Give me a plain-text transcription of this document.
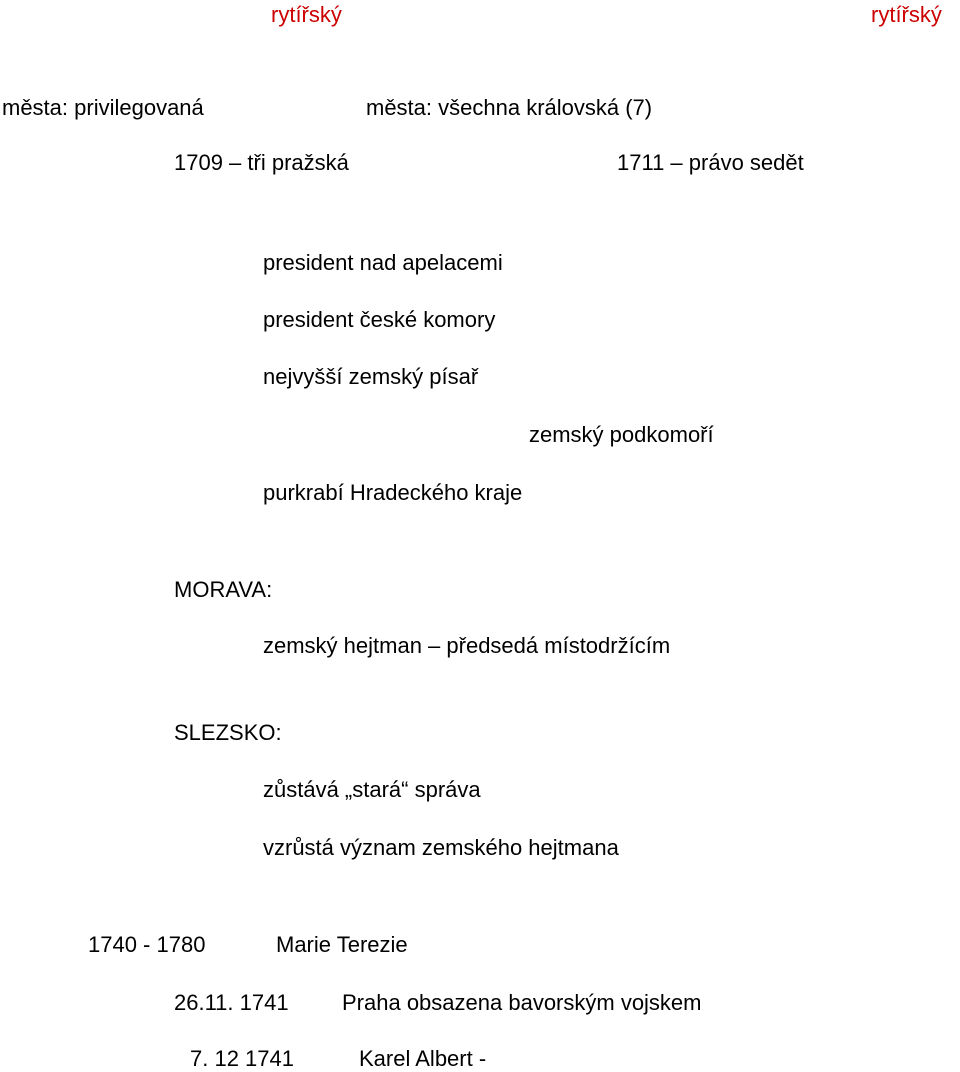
rytířský	rytířský
města: privilegovaná	města: všechna královská (7)
1709 – tři pražská	1711 – právo sedět
president nad apelacemi
president české komory
nejvyšší zemský písař
zemský podkomoří
purkrabí Hradeckého kraje
MORAVA:
zemský hejtman – předsedá místodržícím
SLEZSKO:
zůstává „stará“ správa
vzrůstá význam zemského hejtmana
1740 - 1780	Marie Terezie
26.11. 1741 Praha obsazena bavorským vojskem
7. 12 1741	Karel Albert -
